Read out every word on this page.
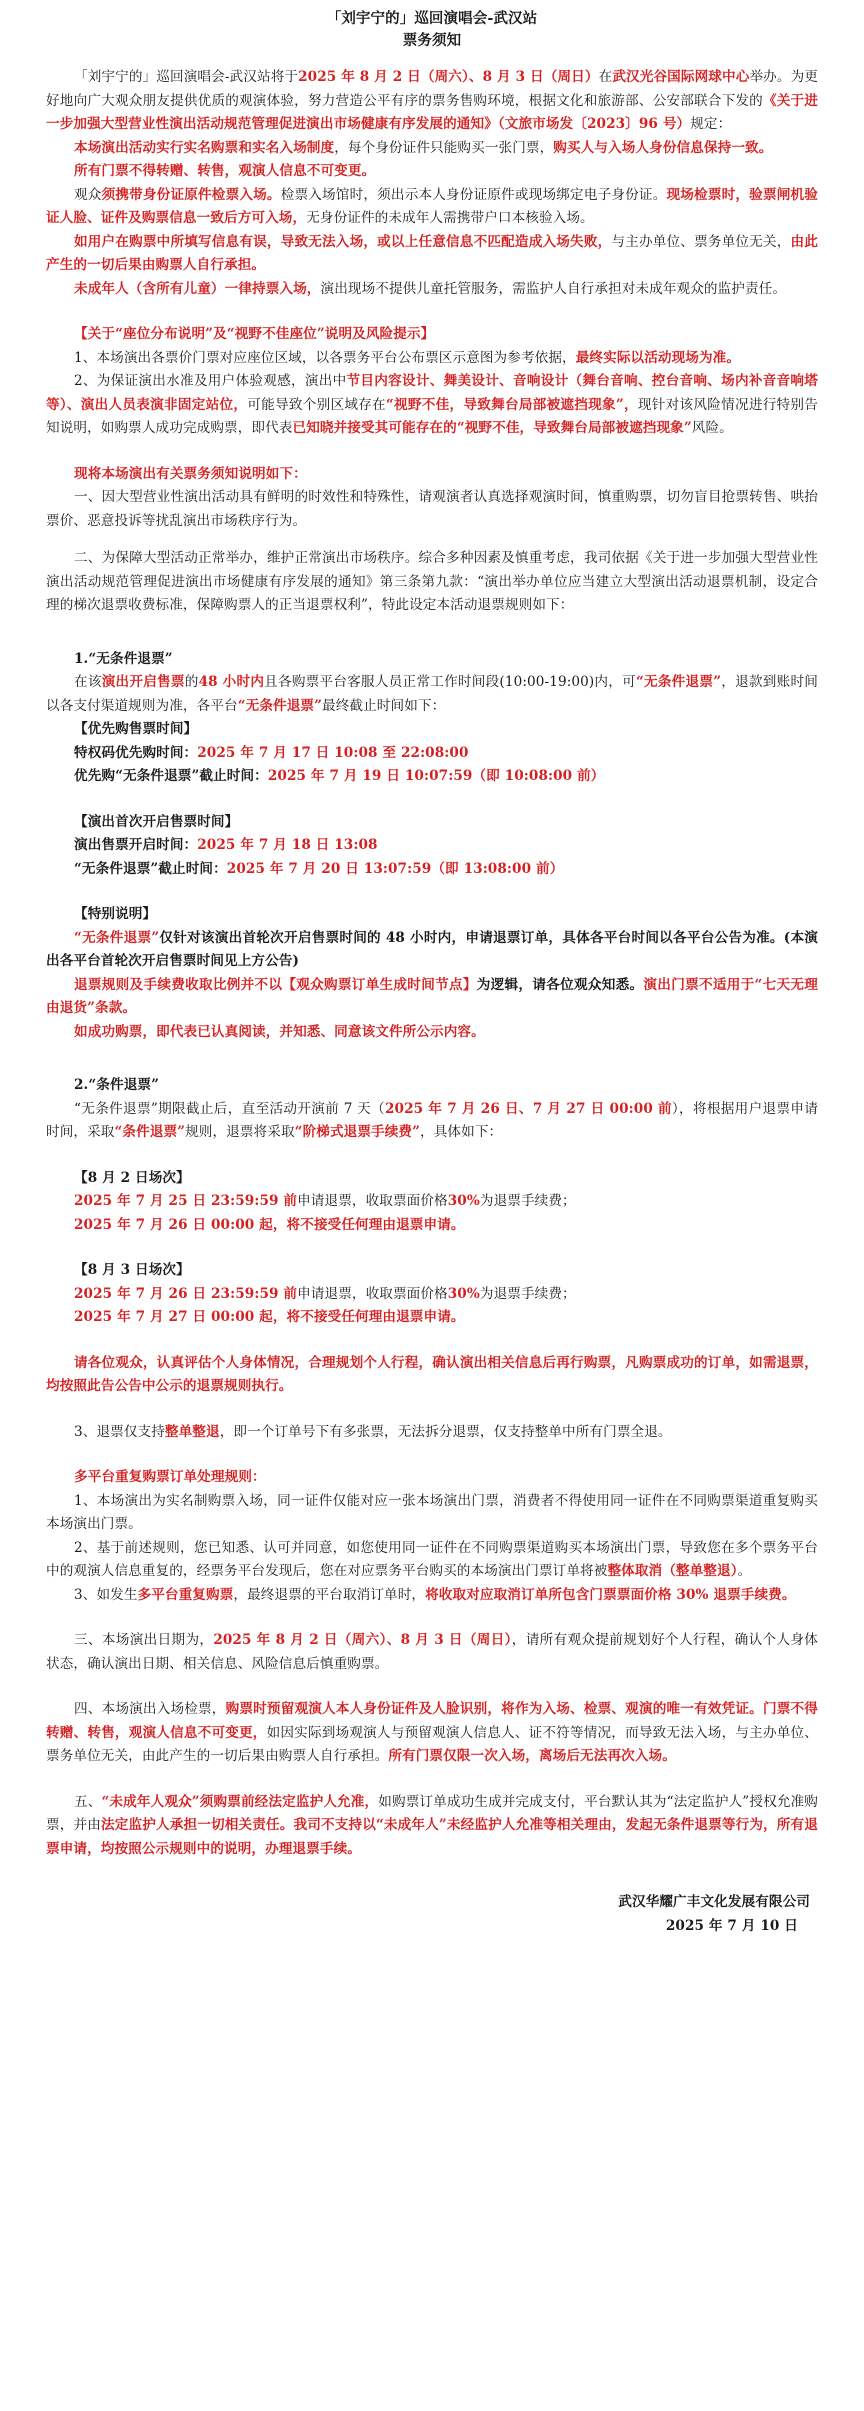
「刘宇宁的」巡回演唱会-武汉站

票务须知

「刘宇宁的」巡回演唱会-武汉站将于2025 年 8 月 2 日（周六）、8 月 3 日（周日）在武汉光谷国际网球中心举办。为更好地向广大观众朋友提供优质的观演体验，努力营造公平有序的票务售购环境，根据文化和旅游部、公安部联合下发的《关于进一步加强大型营业性演出活动规范管理促进演出市场健康有序发展的通知》（文旅市场发〔2023〕96 号）规定：

本场演出活动实行实名购票和实名入场制度，每个身份证件只能购买一张门票，购买人与入场人身份信息保持一致。

所有门票不得转赠、转售，观演人信息不可变更。

观众须携带身份证原件检票入场。检票入场馆时，须出示本人身份证原件或现场绑定电子身份证。现场检票时，验票闸机验证人脸、证件及购票信息一致后方可入场，无身份证件的未成年人需携带户口本核验入场。

如用户在购票中所填写信息有误，导致无法入场，或以上任意信息不匹配造成入场失败，与主办单位、票务单位无关，由此产生的一切后果由购票人自行承担。

未成年人（含所有儿童）一律持票入场，演出现场不提供儿童托管服务，需监护人自行承担对未成年观众的监护责任。

【关于“座位分布说明”及“视野不佳座位”说明及风险提示】

1、本场演出各票价门票对应座位区域，以各票务平台公布票区示意图为参考依据，最终实际以活动现场为准。

2、为保证演出水准及用户体验观感，演出中节目内容设计、舞美设计、音响设计（舞台音响、控台音响、场内补音音响塔等）、演出人员表演非固定站位，可能导致个别区域存在“视野不佳，导致舞台局部被遮挡现象”，现针对该风险情况进行特别告知说明，如购票人成功完成购票，即代表已知晓并接受其可能存在的“视野不佳，导致舞台局部被遮挡现象”风险。

现将本场演出有关票务须知说明如下：

一、因大型营业性演出活动具有鲜明的时效性和特殊性，请观演者认真选择观演时间，慎重购票，切勿盲目抢票转售、哄抬票价、恶意投诉等扰乱演出市场秩序行为。

二、为保障大型活动正常举办，维护正常演出市场秩序。综合多种因素及慎重考虑，我司依据《关于进一步加强大型营业性演出活动规范管理促进演出市场健康有序发展的通知》第三条第九款：“演出举办单位应当建立大型演出活动退票机制，设定合理的梯次退票收费标准，保障购票人的正当退票权利”，特此设定本活动退票规则如下：

1.“无条件退票”

在该演出开启售票的48 小时内且各购票平台客服人员正常工作时间段(10:00-19:00)内，可“无条件退票”，退款到账时间以各支付渠道规则为准，各平台“无条件退票”最终截止时间如下：

【优先购售票时间】

特权码优先购时间：2025 年 7 月 17 日 10:08 至 22:08:00

优先购“无条件退票”截止时间：2025 年 7 月 19 日 10:07:59（即 10:08:00 前）

【演出首次开启售票时间】

演出售票开启时间：2025 年 7 月 18 日 13:08

“无条件退票”截止时间：2025 年 7 月 20 日 13:07:59（即 13:08:00 前）

【特别说明】

“无条件退票”仅针对该演出首轮次开启售票时间的 48 小时内，申请退票订单，具体各平台时间以各平台公告为准。(本演出各平台首轮次开启售票时间见上方公告)

退票规则及手续费收取比例并不以【观众购票订单生成时间节点】为逻辑，请各位观众知悉。演出门票不适用于“七天无理由退货”条款。

如成功购票，即代表已认真阅读，并知悉、同意该文件所公示内容。

2.“条件退票”

“无条件退票”期限截止后，直至活动开演前 7 天（2025 年 7 月 26 日、7 月 27 日 00:00 前），将根据用户退票申请时间，采取“条件退票”规则，退票将采取“阶梯式退票手续费”，具体如下：

【8 月 2 日场次】

2025 年 7 月 25 日 23:59:59 前申请退票，收取票面价格30%为退票手续费；

2025 年 7 月 26 日 00:00 起，将不接受任何理由退票申请。

【8 月 3 日场次】

2025 年 7 月 26 日 23:59:59 前申请退票，收取票面价格30%为退票手续费；

2025 年 7 月 27 日 00:00 起，将不接受任何理由退票申请。

请各位观众，认真评估个人身体情况，合理规划个人行程，确认演出相关信息后再行购票，凡购票成功的订单，如需退票，均按照此告公告中公示的退票规则执行。

3、退票仅支持整单整退，即一个订单号下有多张票，无法拆分退票，仅支持整单中所有门票全退。

多平台重复购票订单处理规则：

1、本场演出为实名制购票入场，同一证件仅能对应一张本场演出门票，消费者不得使用同一证件在不同购票渠道重复购买本场演出门票。

2、基于前述规则，您已知悉、认可并同意，如您使用同一证件在不同购票渠道购买本场演出门票，导致您在多个票务平台中的观演人信息重复的，经票务平台发现后，您在对应票务平台购买的本场演出门票订单将被整体取消（整单整退）。

3、如发生多平台重复购票，最终退票的平台取消订单时，将收取对应取消订单所包含门票票面价格 30% 退票手续费。

三、本场演出日期为，2025 年 8 月 2 日（周六）、8 月 3 日（周日），请所有观众提前规划好个人行程，确认个人身体状态，确认演出日期、相关信息、风险信息后慎重购票。

四、本场演出入场检票，购票时预留观演人本人身份证件及人脸识别，将作为入场、检票、观演的唯一有效凭证。门票不得转赠、转售，观演人信息不可变更，如因实际到场观演人与预留观演人信息人、证不符等情况，而导致无法入场，与主办单位、票务单位无关，由此产生的一切后果由购票人自行承担。所有门票仅限一次入场，离场后无法再次入场。

五、“未成年人观众”须购票前经法定监护人允准，如购票订单成功生成并完成支付，平台默认其为“法定监护人”授权允准购票，并由法定监护人承担一切相关责任。我司不支持以“未成年人”未经监护人允准等相关理由，发起无条件退票等行为，所有退票申请，均按照公示规则中的说明，办理退票手续。

武汉华耀广丰文化发展有限公司

2025 年 7 月 10 日
